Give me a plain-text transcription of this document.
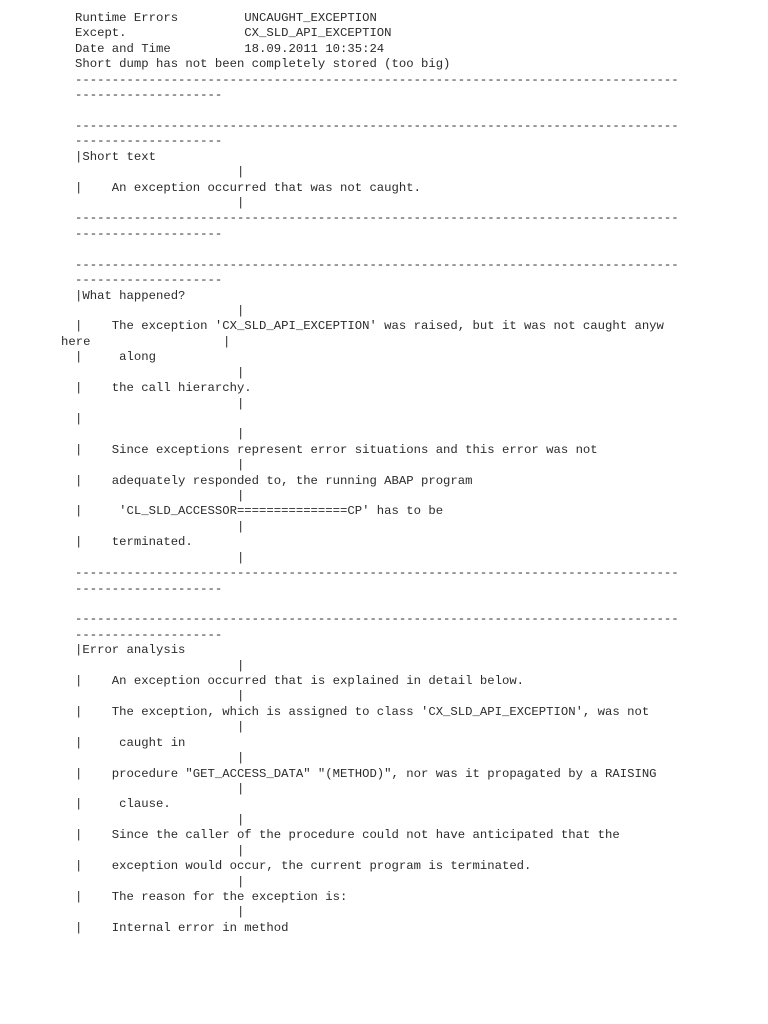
Runtime Errors         UNCAUGHT_EXCEPTION
Except.                CX_SLD_API_EXCEPTION
Date and Time          18.09.2011 10:35:24
Short dump has not been completely stored (too big)
----------------------------------------------------------------------------------
--------------------
----------------------------------------------------------------------------------
--------------------
|Short text
|
|    An exception occurred that was not caught.
|
----------------------------------------------------------------------------------
--------------------
----------------------------------------------------------------------------------
--------------------
|What happened?
|
|    The exception 'CX_SLD_API_EXCEPTION' was raised, but it was not caught anyw
here                  |
|     along
|
|    the call hierarchy.
|
|
|
|    Since exceptions represent error situations and this error was not
|
|    adequately responded to, the running ABAP program
|
|     'CL_SLD_ACCESSOR===============CP' has to be
|
|    terminated.
|
----------------------------------------------------------------------------------
--------------------
----------------------------------------------------------------------------------
--------------------
|Error analysis
|
|    An exception occurred that is explained in detail below.
|
|    The exception, which is assigned to class 'CX_SLD_API_EXCEPTION', was not
|
|     caught in
|
|    procedure "GET_ACCESS_DATA" "(METHOD)", nor was it propagated by a RAISING
|
|     clause.
|
|    Since the caller of the procedure could not have anticipated that the
|
|    exception would occur, the current program is terminated.
|
|    The reason for the exception is:
|
|    Internal error in method
